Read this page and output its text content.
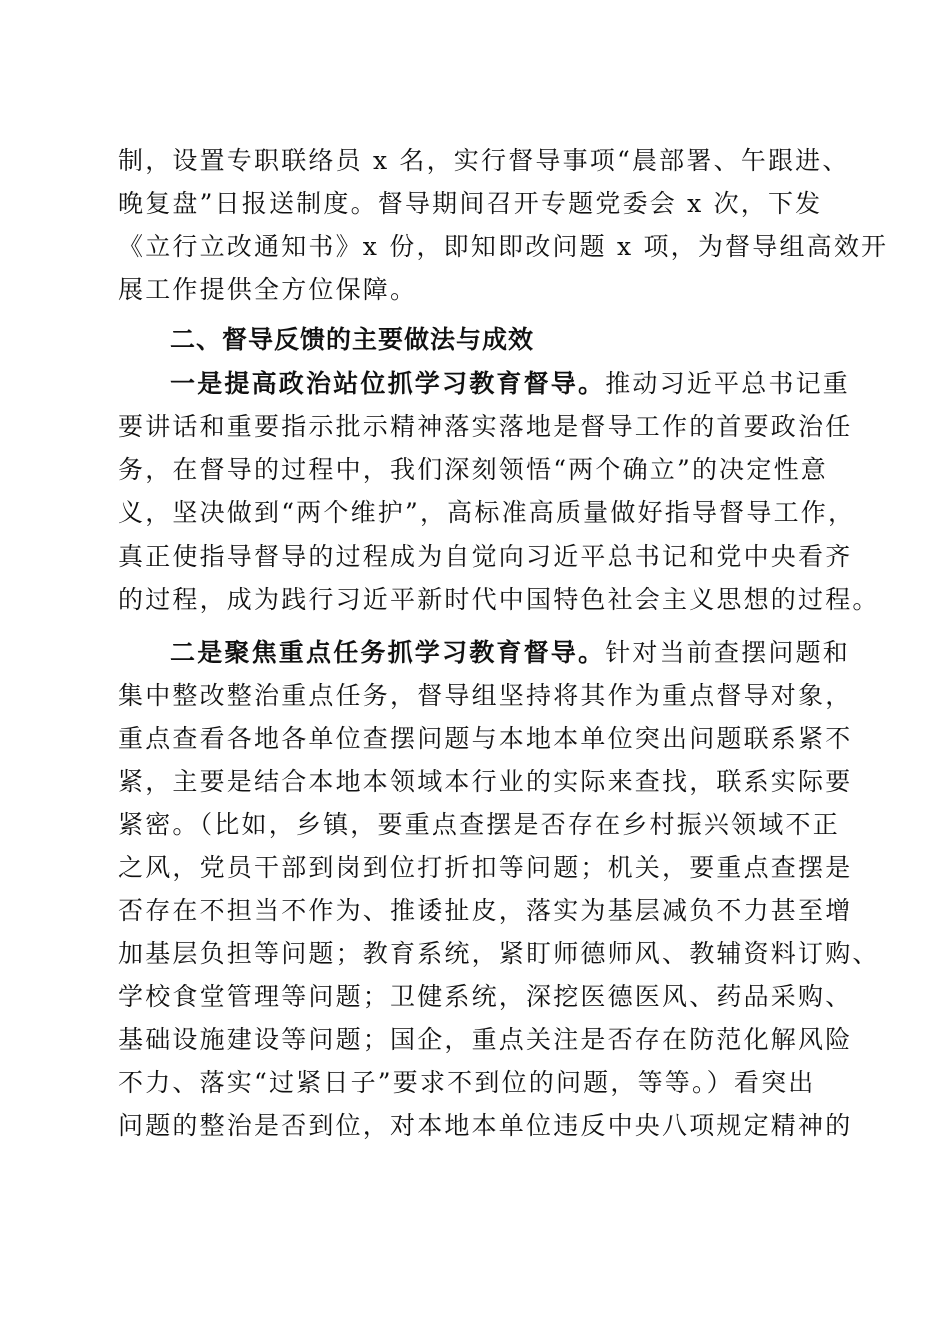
制，设置专职联络员 x 名，实行督导事项“晨部署、午跟进、
晚复盘”日报送制度。督导期间召开专题党委会 x 次，下发
《立行立改通知书》x 份，即知即改问题 x 项，为督导组高效开
展工作提供全方位保障。
二、督导反馈的主要做法与成效
一是提高政治站位抓学习教育督导。推动习近平总书记重
要讲话和重要指示批示精神落实落地是督导工作的首要政治任
务，在督导的过程中，我们深刻领悟“两个确立”的决定性意
义，坚决做到“两个维护”，高标准高质量做好指导督导工作，
真正使指导督导的过程成为自觉向习近平总书记和党中央看齐
的过程，成为践行习近平新时代中国特色社会主义思想的过程。
二是聚焦重点任务抓学习教育督导。针对当前查摆问题和
集中整改整治重点任务，督导组坚持将其作为重点督导对象，
重点查看各地各单位查摆问题与本地本单位突出问题联系紧不
紧，主要是结合本地本领域本行业的实际来查找，联系实际要
紧密。（比如，乡镇，要重点查摆是否存在乡村振兴领域不正
之风，党员干部到岗到位打折扣等问题；机关，要重点查摆是
否存在不担当不作为、推诿扯皮，落实为基层减负不力甚至增
加基层负担等问题；教育系统，紧盯师德师风、教辅资料订购、
学校食堂管理等问题；卫健系统，深挖医德医风、药品采购、
基础设施建设等问题；国企，重点关注是否存在防范化解风险
不力、落实“过紧日子”要求不到位的问题，等等。）看突出
问题的整治是否到位，对本地本单位违反中央八项规定精神的
